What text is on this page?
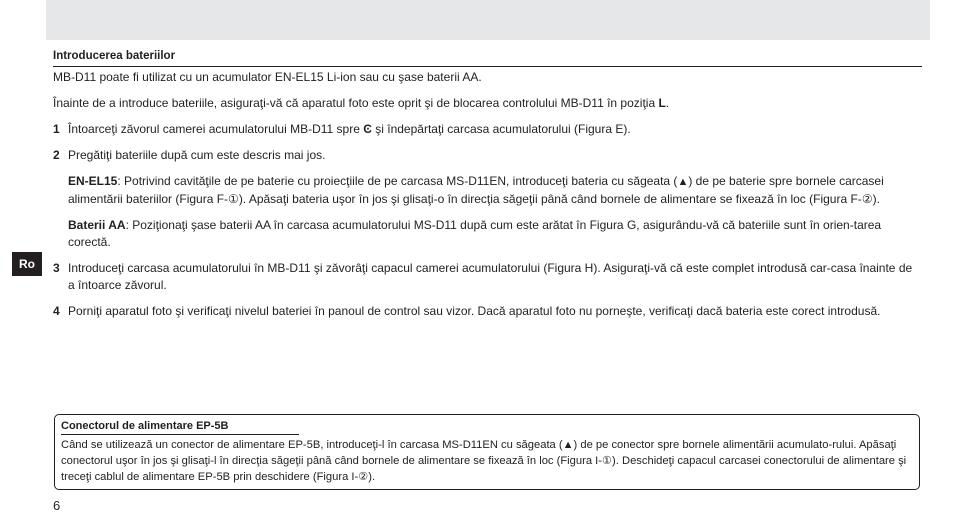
Ro
Introducerea bateriilor

MB-D11 poate fi utilizat cu un acumulator EN-EL15 Li-ion sau cu şase baterii AA.

Înainte de a introduce bateriile, asiguraţi-vă că aparatul foto este oprit şi de blocarea controlului MB-D11 în poziţia L.

1 Întoarceţi zăvorul camerei acumulatorului MB-D11 spre Ͼ şi îndepărtaţi carcasa acumulatorului (Figura E).
2 Pregătiţi bateriile după cum este descris mai jos.

EN-EL15: Potrivind cavităţile de pe baterie cu proiecţiile de pe carcasa MS-D11EN, introduceţi bateria cu săgeata (▲) de pe baterie spre bornele carcasei alimentării bateriilor (Figura F-①). Apăsaţi bateria uşor în jos şi glisaţi-o în direcţia săgeţii până când bornele de alimentare se fixează în loc (Figura F-②).

Baterii AA: Poziţionaţi şase baterii AA în carcasa acumulatorului MS-D11 după cum este arătat în Figura G, asigurându-vă că bateriile sunt în orien-tarea corectă.

3 Introduceţi carcasa acumulatorului în MB-D11 şi zăvorâţi capacul camerei acumulatorului (Figura H). Asiguraţi-vă că este complet introdusă car-casa înainte de a întoarce zăvorul.
4 Porniţi aparatul foto şi verificaţi nivelul bateriei în panoul de control sau vizor. Dacă aparatul foto nu porneşte, verificaţi dacă bateria este corect introdusă.
Conectorul de alimentare EP-5B
Când se utilizează un conector de alimentare EP-5B, introduceţi-l în carcasa MS-D11EN cu săgeata (▲) de pe conector spre bornele alimentării acumulato-rului. Apăsaţi conectorul uşor în jos şi glisaţi-l în direcţia săgeţii până când bornele de alimentare se fixează în loc (Figura I-①). Deschideţi capacul carcasei conectorului de alimentare şi treceţi cablul de alimentare EP-5B prin deschidere (Figura I-②).
6
